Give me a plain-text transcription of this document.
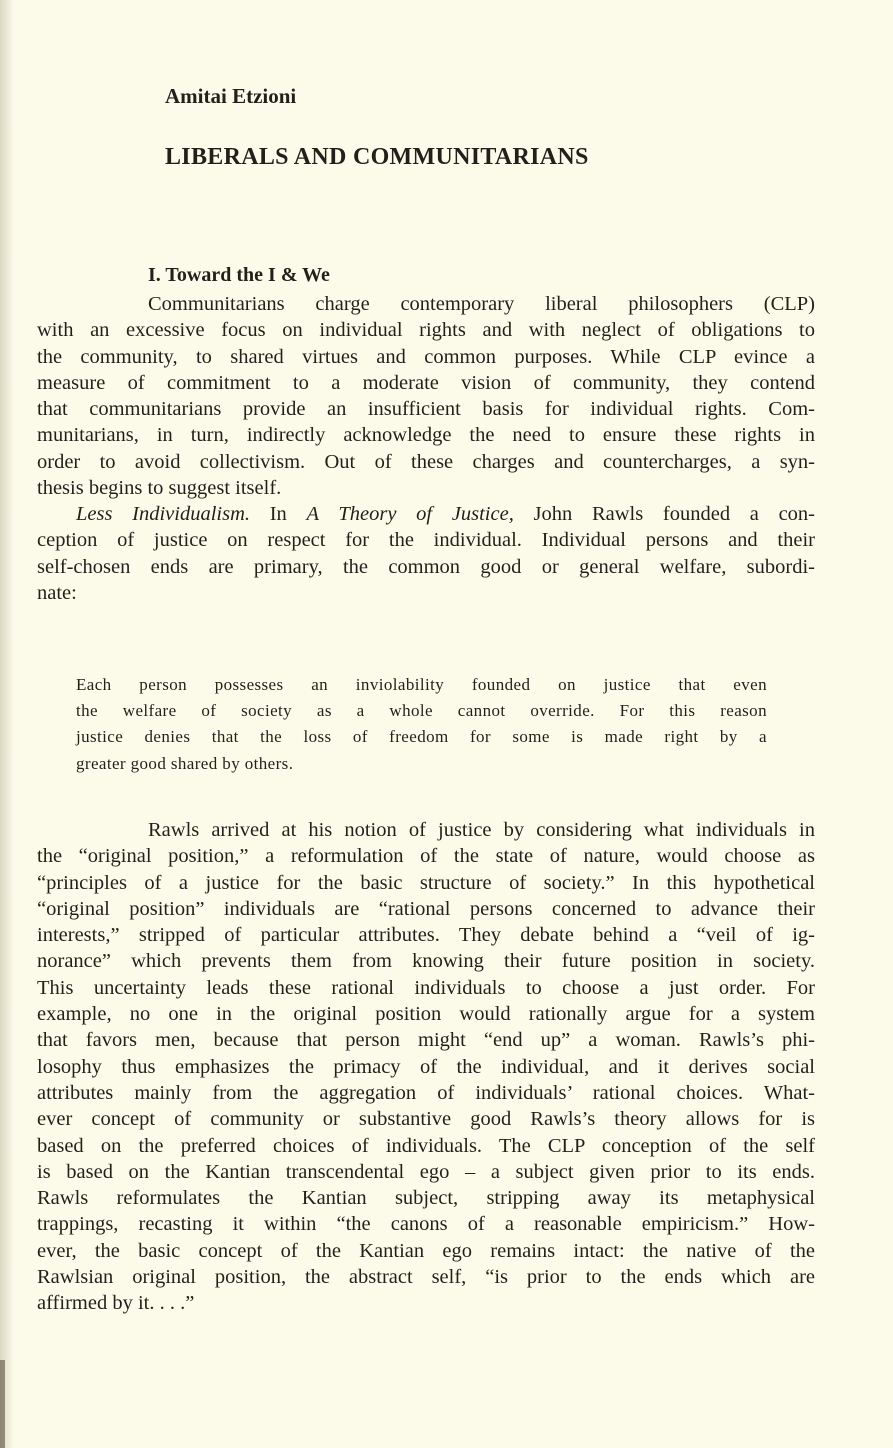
Amitai Etzioni
LIBERALS AND COMMUNITARIANS
I. Toward the I & We
Communitarians charge contemporary liberal philosophers (CLP)
with an excessive focus on individual rights and with neglect of obligations to
the community, to shared virtues and common purposes. While CLP evince a
measure of commitment to a moderate vision of community, they contend
that communitarians provide an insufficient basis for individual rights. Com-
munitarians, in turn, indirectly acknowledge the need to ensure these rights in
order to avoid collectivism. Out of these charges and countercharges, a syn-
thesis begins to suggest itself.
Less Individualism. In A Theory of Justice, John Rawls founded a con-
ception of justice on respect for the individual. Individual persons and their
self-chosen ends are primary, the common good or general welfare, subordi-
nate:
Each person possesses an inviolability founded on justice that even
the welfare of society as a whole cannot override. For this reason
justice denies that the loss of freedom for some is made right by a
greater good shared by others.
Rawls arrived at his notion of justice by considering what individuals in
the “original position,” a reformulation of the state of nature, would choose as
“principles of a justice for the basic structure of society.” In this hypothetical
“original position” individuals are “rational persons concerned to advance their
interests,” stripped of particular attributes. They debate behind a “veil of ig-
norance” which prevents them from knowing their future position in society.
This uncertainty leads these rational individuals to choose a just order. For
example, no one in the original position would rationally argue for a system
that favors men, because that person might “end up” a woman. Rawls’s phi-
losophy thus emphasizes the primacy of the individual, and it derives social
attributes mainly from the aggregation of individuals’ rational choices. What-
ever concept of community or substantive good Rawls’s theory allows for is
based on the preferred choices of individuals. The CLP conception of the self
is based on the Kantian transcendental ego – a subject given prior to its ends.
Rawls reformulates the Kantian subject, stripping away its metaphysical
trappings, recasting it within “the canons of a reasonable empiricism.” How-
ever, the basic concept of the Kantian ego remains intact: the native of the
Rawlsian original position, the abstract self, “is prior to the ends which are
affirmed by it. . . .”
